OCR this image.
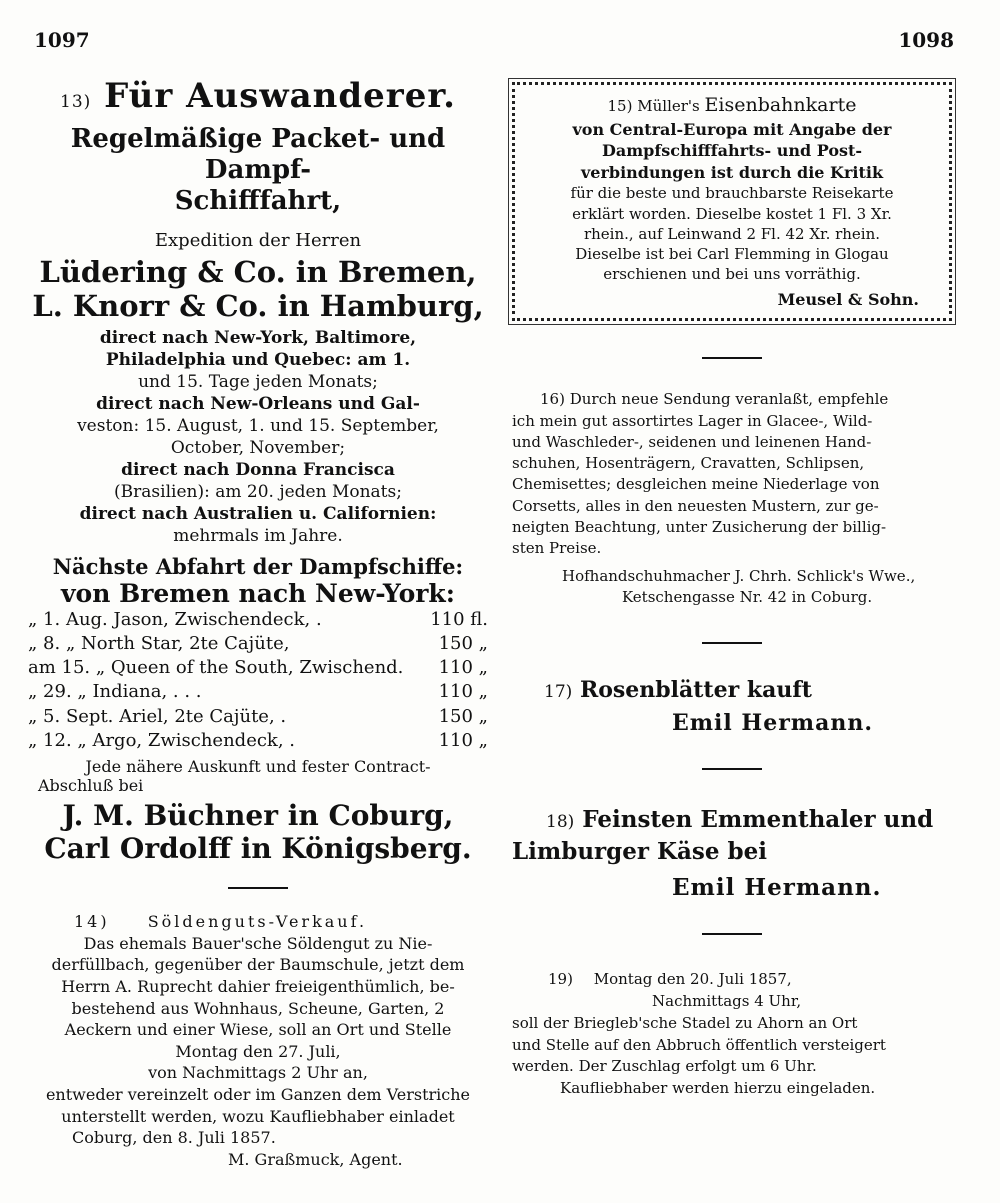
1097	1098

13) Für Auswanderer.

Regelmäßige Packet- und Dampf-

Schifffahrt,

Expedition der Herren

Lüdering & Co. in Bremen,

L. Knorr & Co. in Hamburg,

direct nach New-York, Baltimore,

Philadelphia und Quebec: am 1.

und 15. Tage jeden Monats;

direct nach New-Orleans und Gal-

veston: 15. August, 1. und 15. September,

October, November;

direct nach Donna Francisca

(Brasilien): am 20. jeden Monats;

direct nach Australien u. Californien:

mehrmals im Jahre.

Nächste Abfahrt der Dampfschiffe:

von Bremen nach New-York:

„ 1. Aug. Jason, Zwischendeck, .	110 fl.
„ 8. „ North Star, 2te Cajüte,	150 „
am 15. „ Queen of the South, Zwischend. 110 „
„ 29. „ Indiana, . . .	110 „
„ 5. Sept. Ariel, 2te Cajüte, .	150 „
„ 12. „ Argo, Zwischendeck, .	110 „

Jede nähere Auskunft und fester Contract-

Abschluß bei

J. M. Büchner in Coburg,

Carl Ordolff in Königsberg.

14) Söldenguts-Verkauf.

Das ehemals Bauer'sche Söldengut zu Nie-

derfüllbach, gegenüber der Baumschule, jetzt dem

Herrn A. Ruprecht dahier freieigenthümlich, be-

bestehend aus Wohnhaus, Scheune, Garten, 2

Aeckern und einer Wiese, soll an Ort und Stelle

Montag den 27. Juli,

von Nachmittags 2 Uhr an,

entweder vereinzelt oder im Ganzen dem Verstriche

unterstellt werden, wozu Kaufliebhaber einladet

Coburg, den 8. Juli 1857.

M. Graßmuck, Agent.

15) Müller's Eisenbahnkarte

von Central-Europa mit Angabe der

Dampfschifffahrts- und Post-

verbindungen ist durch die Kritik

für die beste und brauchbarste Reisekarte

erklärt worden. Dieselbe kostet 1 Fl. 3 Xr.

rhein., auf Leinwand 2 Fl. 42 Xr. rhein.

Dieselbe ist bei Carl Flemming in Glogau

erschienen und bei uns vorräthig.

Meusel & Sohn.

16) Durch neue Sendung veranlaßt, empfehle

ich mein gut assortirtes Lager in Glacee-, Wild-

und Waschleder-, seidenen und leinenen Hand-

schuhen, Hosenträgern, Cravatten, Schlipsen,

Chemisettes; desgleichen meine Niederlage von

Corsetts, alles in den neuesten Mustern, zur ge-

neigten Beachtung, unter Zusicherung der billig-

sten Preise.

Hofhandschuhmacher J. Chrh. Schlick's Wwe.,

Ketschengasse Nr. 42 in Coburg.

17) Rosenblätter kauft

Emil Hermann.

18) Feinsten Emmenthaler und

Limburger Käse bei

Emil Hermann.

19) Montag den 20. Juli 1857,

Nachmittags 4 Uhr,

soll der Briegleb'sche Stadel zu Ahorn an Ort

und Stelle auf den Abbruch öffentlich versteigert

werden. Der Zuschlag erfolgt um 6 Uhr.

Kaufliebhaber werden hierzu eingeladen.
